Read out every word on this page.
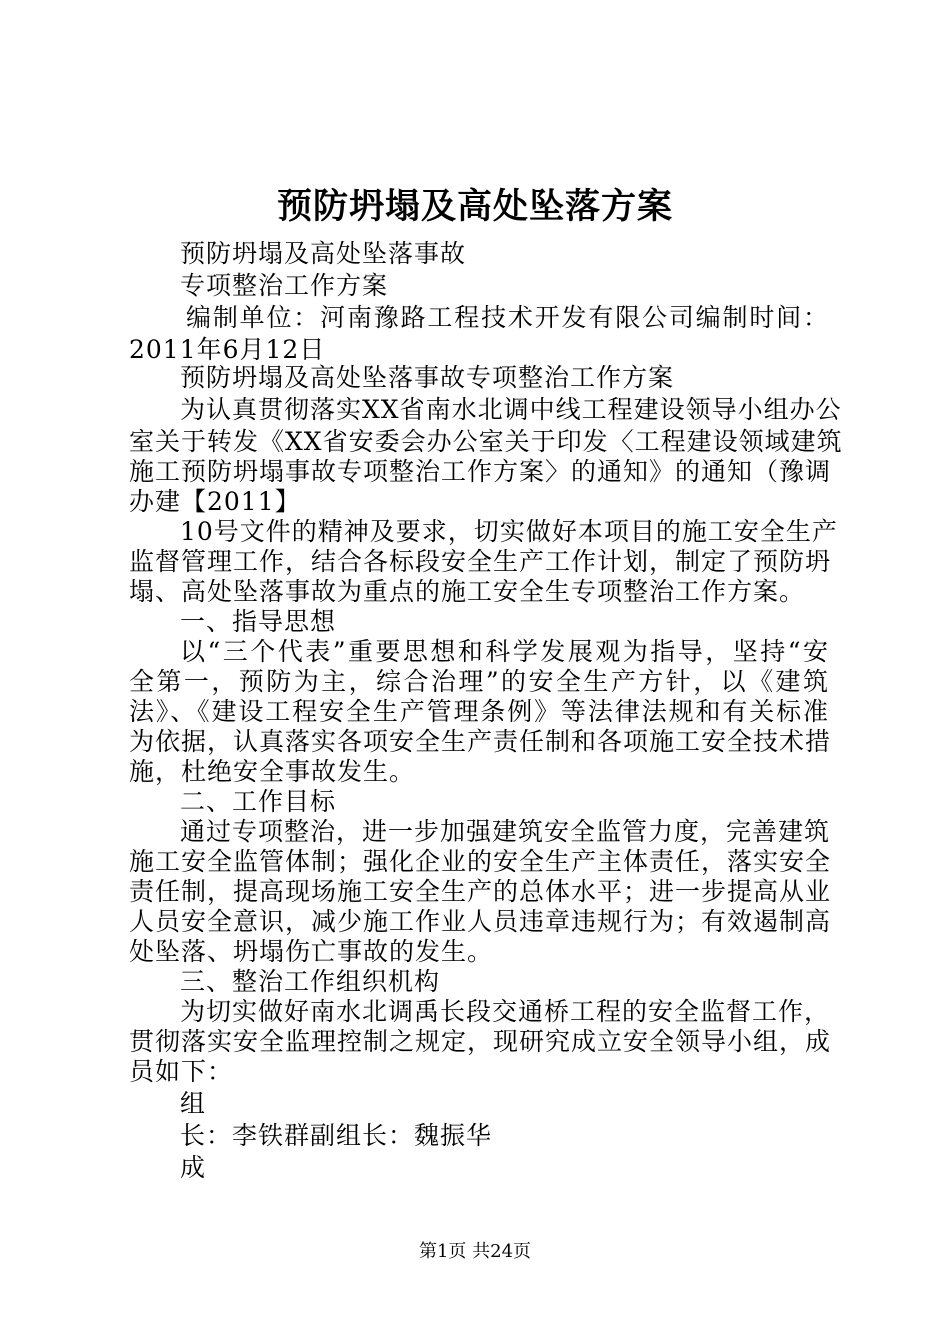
预防坍塌及高处坠落方案
预防坍塌及高处坠落事故
专项整治工作方案
编制单位：河南豫路工程技术开发有限公司编制时间：
2011年6月12日
预防坍塌及高处坠落事故专项整治工作方案
为认真贯彻落实XX省南水北调中线工程建设领导小组办公
室关于转发《XX省安委会办公室关于印发〈工程建设领域建筑
施工预防坍塌事故专项整治工作方案〉的通知》的通知（豫调
办建【2011】
10号文件的精神及要求，切实做好本项目的施工安全生产
监督管理工作，结合各标段安全生产工作计划，制定了预防坍
塌、高处坠落事故为重点的施工安全生专项整治工作方案。
一、指导思想
以“三个代表”重要思想和科学发展观为指导，坚持“安
全第一，预防为主，综合治理”的安全生产方针，以《建筑
法》、《建设工程安全生产管理条例》等法律法规和有关标准
为依据，认真落实各项安全生产责任制和各项施工安全技术措
施，杜绝安全事故发生。
二、工作目标
通过专项整治，进一步加强建筑安全监管力度，完善建筑
施工安全监管体制；强化企业的安全生产主体责任，落实安全
责任制，提高现场施工安全生产的总体水平；进一步提高从业
人员安全意识，减少施工作业人员违章违规行为；有效遏制高
处坠落、坍塌伤亡事故的发生。
三、整治工作组织机构
为切实做好南水北调禹长段交通桥工程的安全监督工作，
贯彻落实安全监理控制之规定，现研究成立安全领导小组，成
员如下：
组
长：李铁群副组长：魏振华
成
第1页 共24页
